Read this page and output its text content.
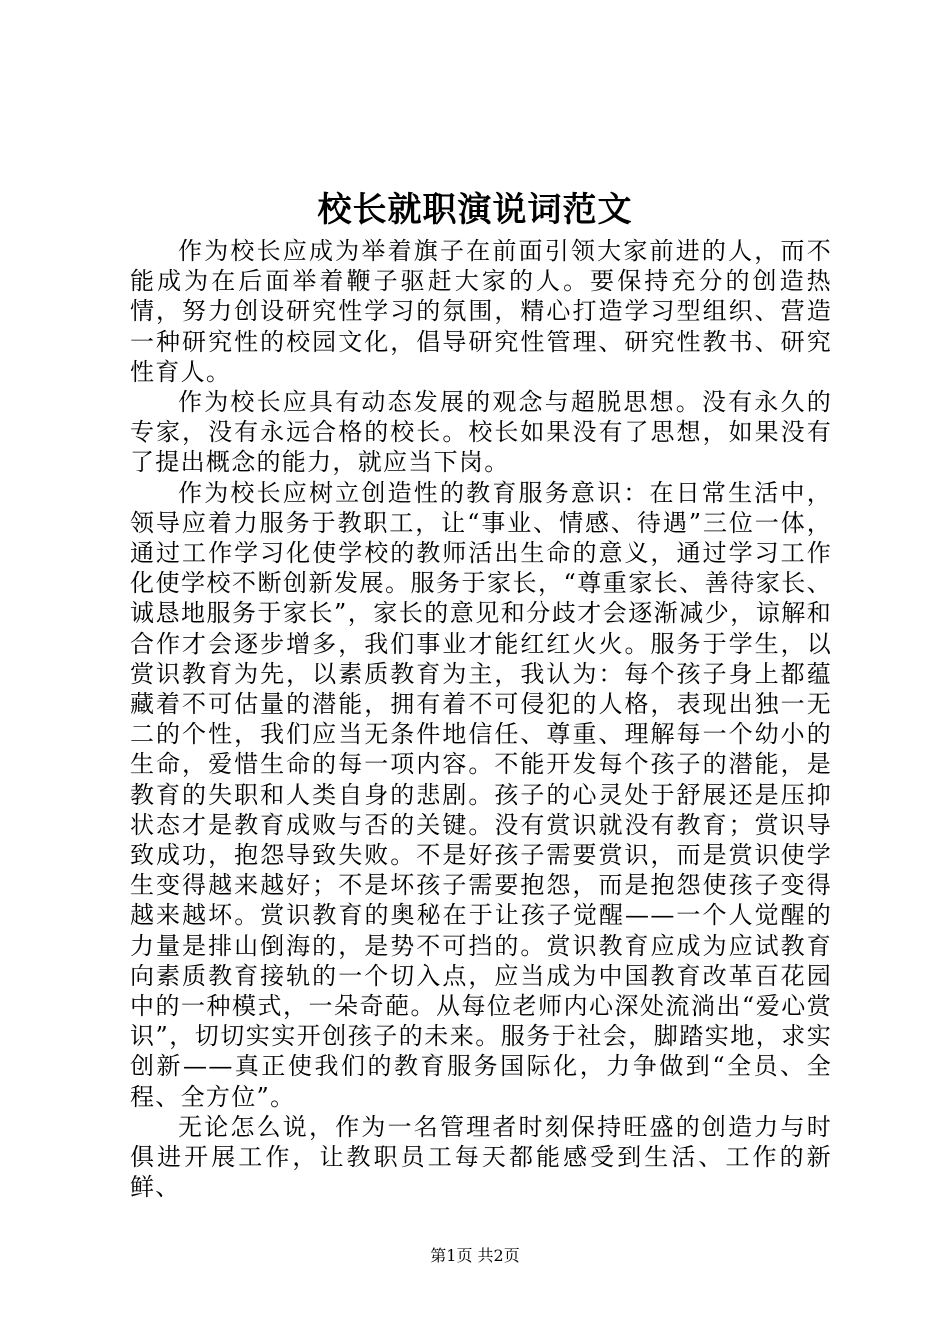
校长就职演说词范文

作为校长应成为举着旗子在前面引领大家前进的人，而不能成为在后面举着鞭子驱赶大家的人。要保持充分的创造热情，努力创设研究性学习的氛围，精心打造学习型组织、营造一种研究性的校园文化，倡导研究性管理、研究性教书、研究性育人。

作为校长应具有动态发展的观念与超脱思想。没有永久的专家，没有永远合格的校长。校长如果没有了思想，如果没有了提出概念的能力，就应当下岗。

作为校长应树立创造性的教育服务意识：在日常生活中，领导应着力服务于教职工，让“事业、情感、待遇”三位一体，通过工作学习化使学校的教师活出生命的意义，通过学习工作化使学校不断创新发展。服务于家长，“尊重家长、善待家长、诚恳地服务于家长”，家长的意见和分歧才会逐渐减少，谅解和合作才会逐步增多，我们事业才能红红火火。服务于学生，以赏识教育为先，以素质教育为主，我认为：每个孩子身上都蕴藏着不可估量的潜能，拥有着不可侵犯的人格，表现出独一无二的个性，我们应当无条件地信任、尊重、理解每一个幼小的生命，爱惜生命的每一项内容。不能开发每个孩子的潜能，是教育的失职和人类自身的悲剧。孩子的心灵处于舒展还是压抑状态才是教育成败与否的关键。没有赏识就没有教育；赏识导致成功，抱怨导致失败。不是好孩子需要赏识，而是赏识使学生变得越来越好；不是坏孩子需要抱怨，而是抱怨使孩子变得越来越坏。赏识教育的奥秘在于让孩子觉醒——一个人觉醒的力量是排山倒海的，是势不可挡的。赏识教育应成为应试教育向素质教育接轨的一个切入点，应当成为中国教育改革百花园中的一种模式，一朵奇葩。从每位老师内心深处流淌出“爱心赏识”，切切实实开创孩子的未来。服务于社会，脚踏实地，求实创新——真正使我们的教育服务国际化，力争做到“全员、全程、全方位”。

无论怎么说，作为一名管理者时刻保持旺盛的创造力与时俱进开展工作，让教职员工每天都能感受到生活、工作的新鲜、

第1页 共2页
